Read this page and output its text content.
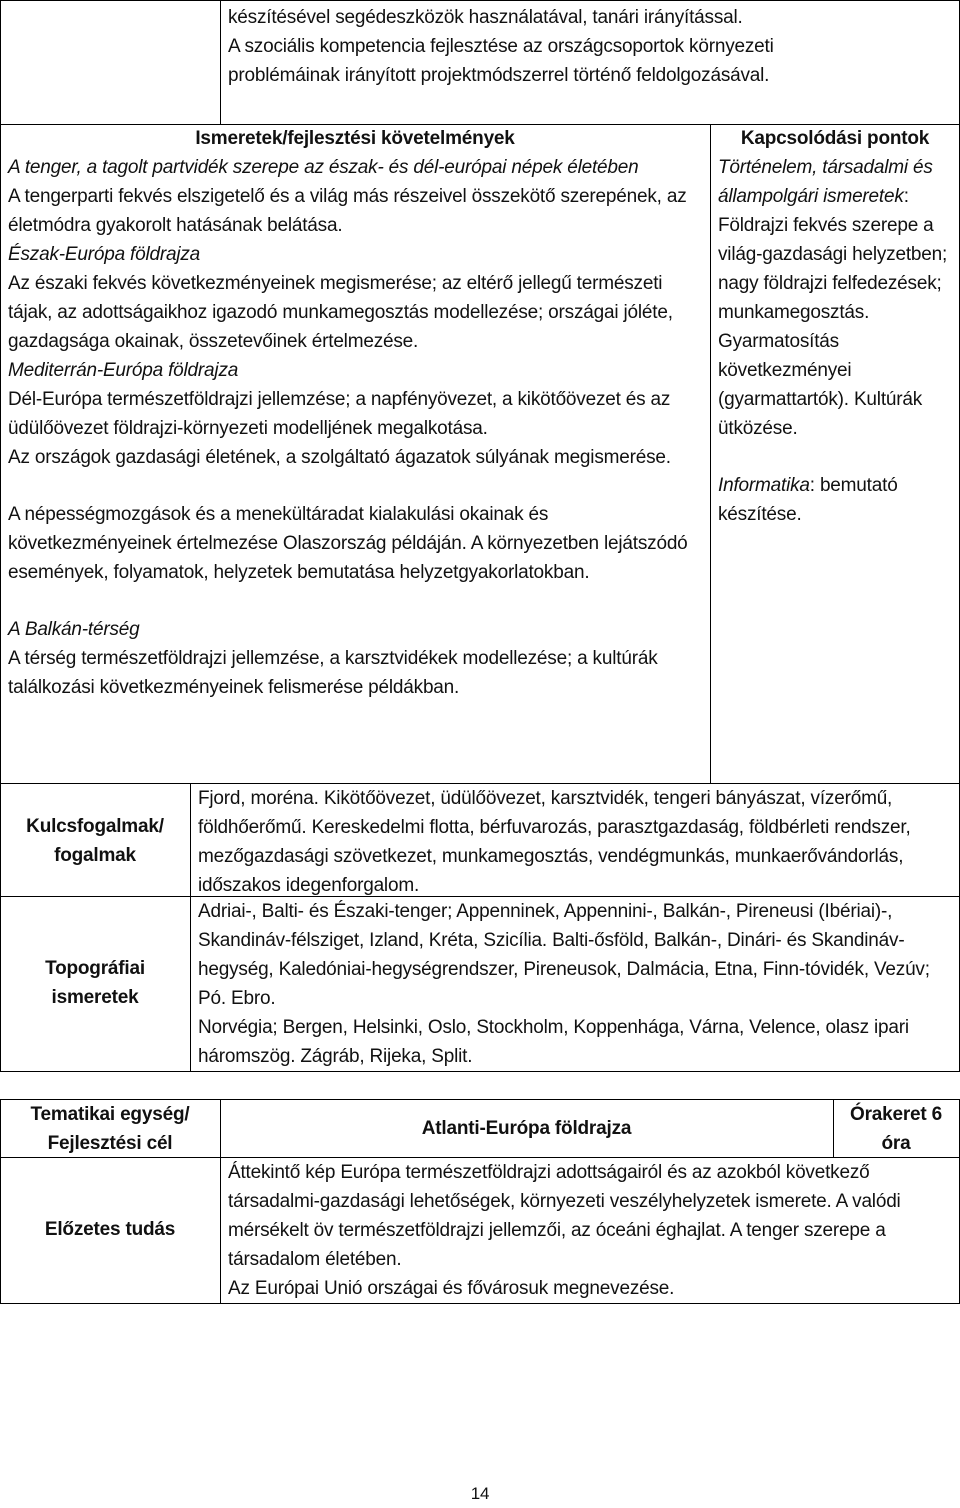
készítésével segédeszközök használatával, tanári irányítással.

A szociális kompetencia fejlesztése az országcsoportok környezeti

problémáinak irányított projektmódszerrel történő feldolgozásával.

Ismeretek/fejlesztési követelmények

A tenger, a tagolt partvidék szerepe az észak- és dél-európai népek életében

A tengerparti fekvés elszigetelő és a világ más részeivel összekötő szerepének, az életmódra gyakorolt hatásának belátása.

Észak-Európa földrajza

Az északi fekvés következményeinek megismerése; az eltérő jellegű természeti tájak, az adottságaikhoz igazodó munkamegosztás modellezése; országai jóléte, gazdagsága okainak, összetevőinek értelmezése.

Mediterrán-Európa földrajza

Dél-Európa természetföldrajzi jellemzése; a napfényövezet, a kikötőövezet és az üdülőövezet földrajzi-környezeti modelljének megalkotása.

Az országok gazdasági életének, a szolgáltató ágazatok súlyának megismerése.

A népességmozgások és a menekültáradat kialakulási okainak és következményeinek értelmezése Olaszország példáján. A környezetben lejátszódó események, folyamatok, helyzetek bemutatása helyzetgyakorlatokban.

A Balkán-térség

A térség természetföldrajzi jellemzése, a karsztvidékek modellezése; a kultúrák találkozási következményeinek felismerése példákban.

Kapcsolódási pontok

Történelem, társadalmi és állampolgári ismeretek: Földrajzi fekvés szerepe a világ-gazdasági helyzetben; nagy földrajzi felfedezések; munkamegosztás. Gyarmatosítás következményei (gyarmattartók). Kultúrák ütközése.

Informatika: bemutató készítése.

Kulcsfogalmak/

fogalmak

Fjord, moréna. Kikötőövezet, üdülőövezet, karsztvidék, tengeri bányászat, vízerőmű, földhőerőmű. Kereskedelmi flotta, bérfuvarozás, parasztgazdaság, földbérleti rendszer, mezőgazdasági szövetkezet, munkamegosztás, vendégmunkás, munkaerővándorlás, időszakos idegenforgalom.

Topográfiai

ismeretek

Adriai-, Balti- és Északi-tenger; Appenninek, Appennini-, Balkán-, Pireneusi (Ibériai)-, Skandináv-félsziget, Izland, Kréta, Szicília. Balti-ősföld, Balkán-, Dinári- és Skandináv-hegység, Kaledóniai-hegységrendszer, Pireneusok, Dalmácia, Etna, Finn-tóvidék, Vezúv; Pó. Ebro.

Norvégia; Bergen, Helsinki, Oslo, Stockholm, Koppenhága, Várna, Velence, olasz ipari háromszög. Zágráb, Rijeka, Split.

Tematikai egység/

Fejlesztési cél

Atlanti-Európa földrajza

Órakeret 6

óra

Előzetes tudás

Áttekintő kép Európa természetföldrajzi adottságairól és az azokból következő társadalmi-gazdasági lehetőségek, környezeti veszélyhelyzetek ismerete. A valódi mérsékelt öv természetföldrajzi jellemzői, az óceáni éghajlat. A tenger szerepe a társadalom életében.

Az Európai Unió országai és fővárosuk megnevezése.

14
